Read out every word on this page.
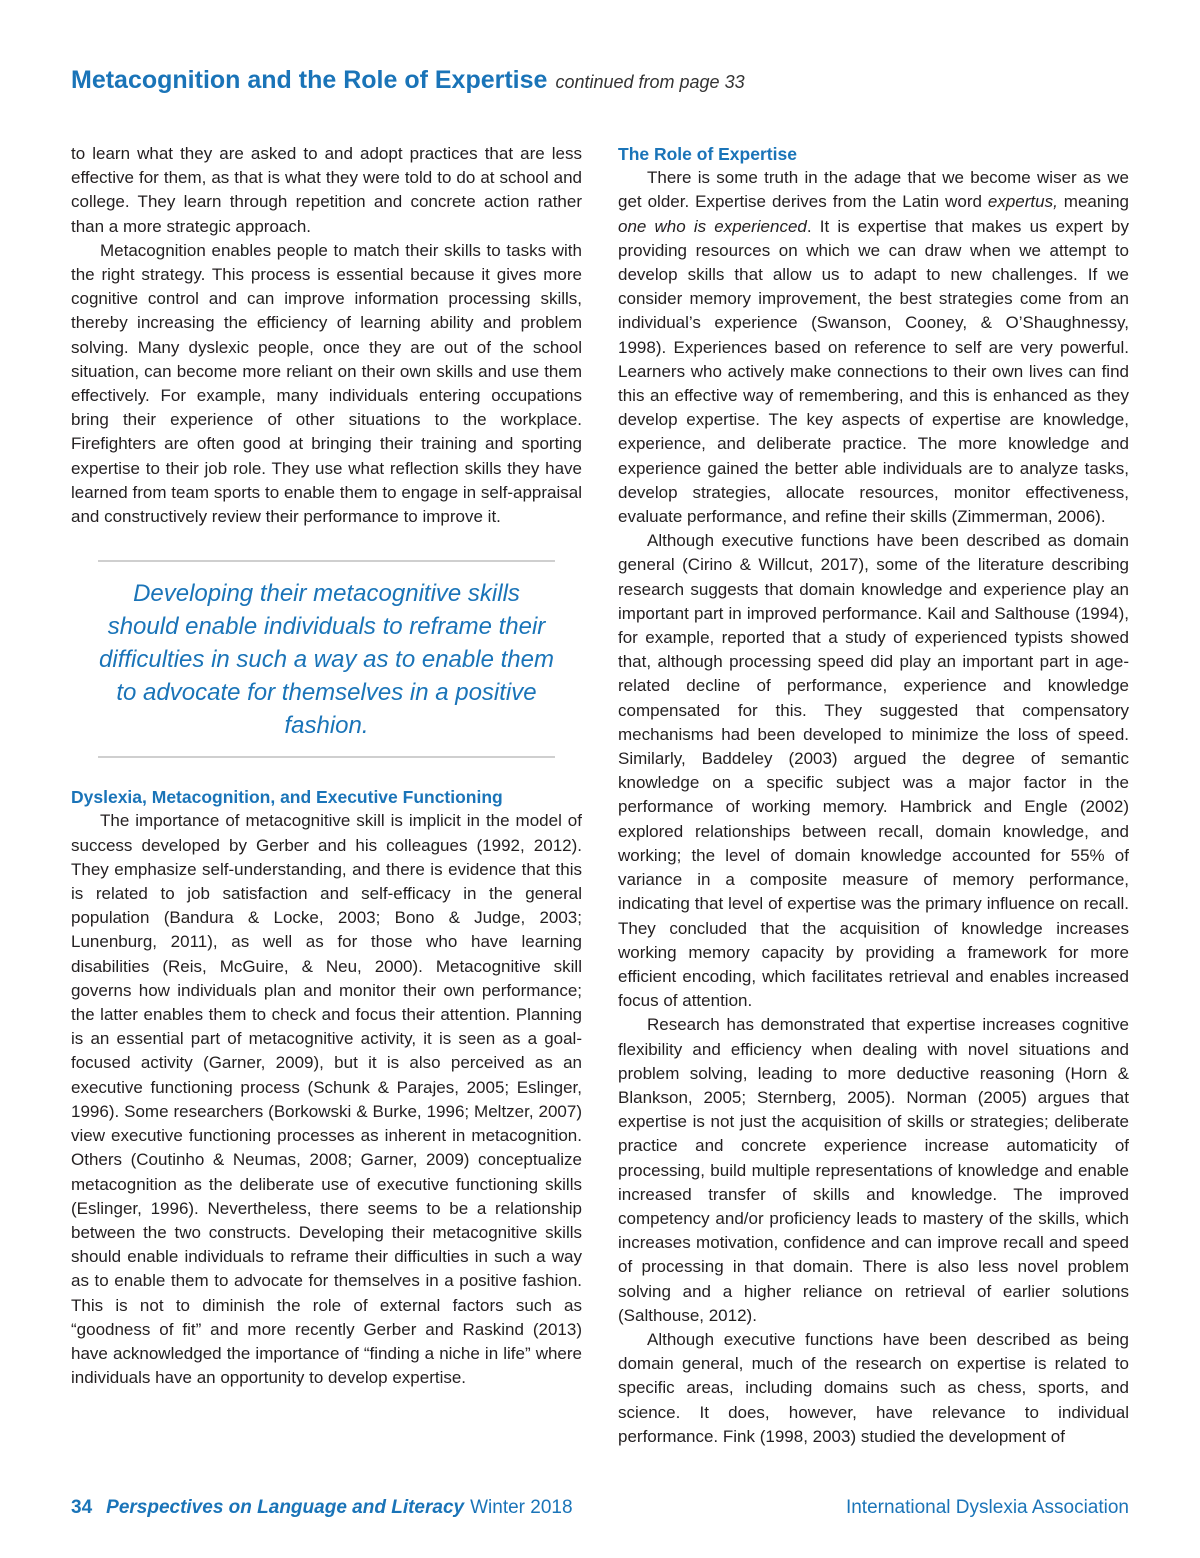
Metacognition and the Role of Expertise continued from page 33

to learn what they are asked to and adopt practices that are less effective for them, as that is what they were told to do at school and college. They learn through repetition and concrete action rather than a more strategic approach.

Metacognition enables people to match their skills to tasks with the right strategy. This process is essential because it gives more cognitive control and can improve information processing skills, thereby increasing the efficiency of learning ability and problem solving. Many dyslexic people, once they are out of the school situation, can become more reliant on their own skills and use them effectively. For example, many individuals entering occupations bring their experience of other situations to the workplace. Firefighters are often good at bringing their training and sporting expertise to their job role. They use what reflection skills they have learned from team sports to enable them to engage in self-appraisal and constructively review their performance to improve it.

Developing their metacognitive skills should enable individuals to reframe their difficulties in such a way as to enable them to advocate for themselves in a positive fashion.

Dyslexia, Metacognition, and Executive Functioning

The importance of metacognitive skill is implicit in the model of success developed by Gerber and his colleagues (1992, 2012). They emphasize self-understanding, and there is evidence that this is related to job satisfaction and self-efficacy in the general population (Bandura & Locke, 2003; Bono & Judge, 2003; Lunenburg, 2011), as well as for those who have learning disabilities (Reis, McGuire, & Neu, 2000). Metacognitive skill governs how individuals plan and monitor their own performance; the latter enables them to check and focus their attention. Planning is an essential part of metacognitive activity, it is seen as a goal-focused activity (Garner, 2009), but it is also perceived as an executive functioning process (Schunk & Parajes, 2005; Eslinger, 1996). Some researchers (Borkowski & Burke, 1996; Meltzer, 2007) view executive functioning processes as inherent in metacognition. Others (Coutinho & Neumas, 2008; Garner, 2009) conceptualize metacognition as the deliberate use of executive functioning skills (Eslinger, 1996). Nevertheless, there seems to be a relationship between the two constructs. Developing their metacognitive skills should enable individuals to reframe their difficulties in such a way as to enable them to advocate for themselves in a positive fashion. This is not to diminish the role of external factors such as “goodness of fit” and more recently Gerber and Raskind (2013) have acknowledged the importance of “finding a niche in life” where individuals have an opportunity to develop expertise.

The Role of Expertise

There is some truth in the adage that we become wiser as we get older. Expertise derives from the Latin word expertus, meaning one who is experienced. It is expertise that makes us expert by providing resources on which we can draw when we attempt to develop skills that allow us to adapt to new challenges. If we consider memory improvement, the best strategies come from an individual’s experience (Swanson, Cooney, & O’Shaughnessy, 1998). Experiences based on reference to self are very powerful. Learners who actively make connections to their own lives can find this an effective way of remembering, and this is enhanced as they develop expertise. The key aspects of expertise are knowledge, experience, and deliberate practice. The more knowledge and experience gained the better able individuals are to analyze tasks, develop strategies, allocate resources, monitor effectiveness, evaluate performance, and refine their skills (Zimmerman, 2006).

Although executive functions have been described as domain general (Cirino & Willcut, 2017), some of the literature describing research suggests that domain knowledge and experience play an important part in improved performance. Kail and Salthouse (1994), for example, reported that a study of experienced typists showed that, although processing speed did play an important part in age-related decline of performance, experience and knowledge compensated for this. They suggested that compensatory mechanisms had been developed to minimize the loss of speed. Similarly, Baddeley (2003) argued the degree of semantic knowledge on a specific subject was a major factor in the performance of working memory. Hambrick and Engle (2002) explored relationships between recall, domain knowledge, and working; the level of domain knowledge accounted for 55% of variance in a composite measure of memory performance, indicating that level of expertise was the primary influence on recall. They concluded that the acquisition of knowledge increases working memory capacity by providing a framework for more efficient encoding, which facilitates retrieval and enables increased focus of attention.

Research has demonstrated that expertise increases cognitive flexibility and efficiency when dealing with novel situations and problem solving, leading to more deductive reasoning (Horn & Blankson, 2005; Sternberg, 2005). Norman (2005) argues that expertise is not just the acquisition of skills or strategies; deliberate practice and concrete experience increase automaticity of processing, build multiple representations of knowledge and enable increased transfer of skills and knowledge. The improved competency and/or proficiency leads to mastery of the skills, which increases motivation, confidence and can improve recall and speed of processing in that domain. There is also less novel problem solving and a higher reliance on retrieval of earlier solutions (Salthouse, 2012).

Although executive functions have been described as being domain general, much of the research on expertise is related to specific areas, including domains such as chess, sports, and science. It does, however, have relevance to individual performance. Fink (1998, 2003) studied the development of

34 Perspectives on Language and Literacy Winter 2018	International Dyslexia Association
